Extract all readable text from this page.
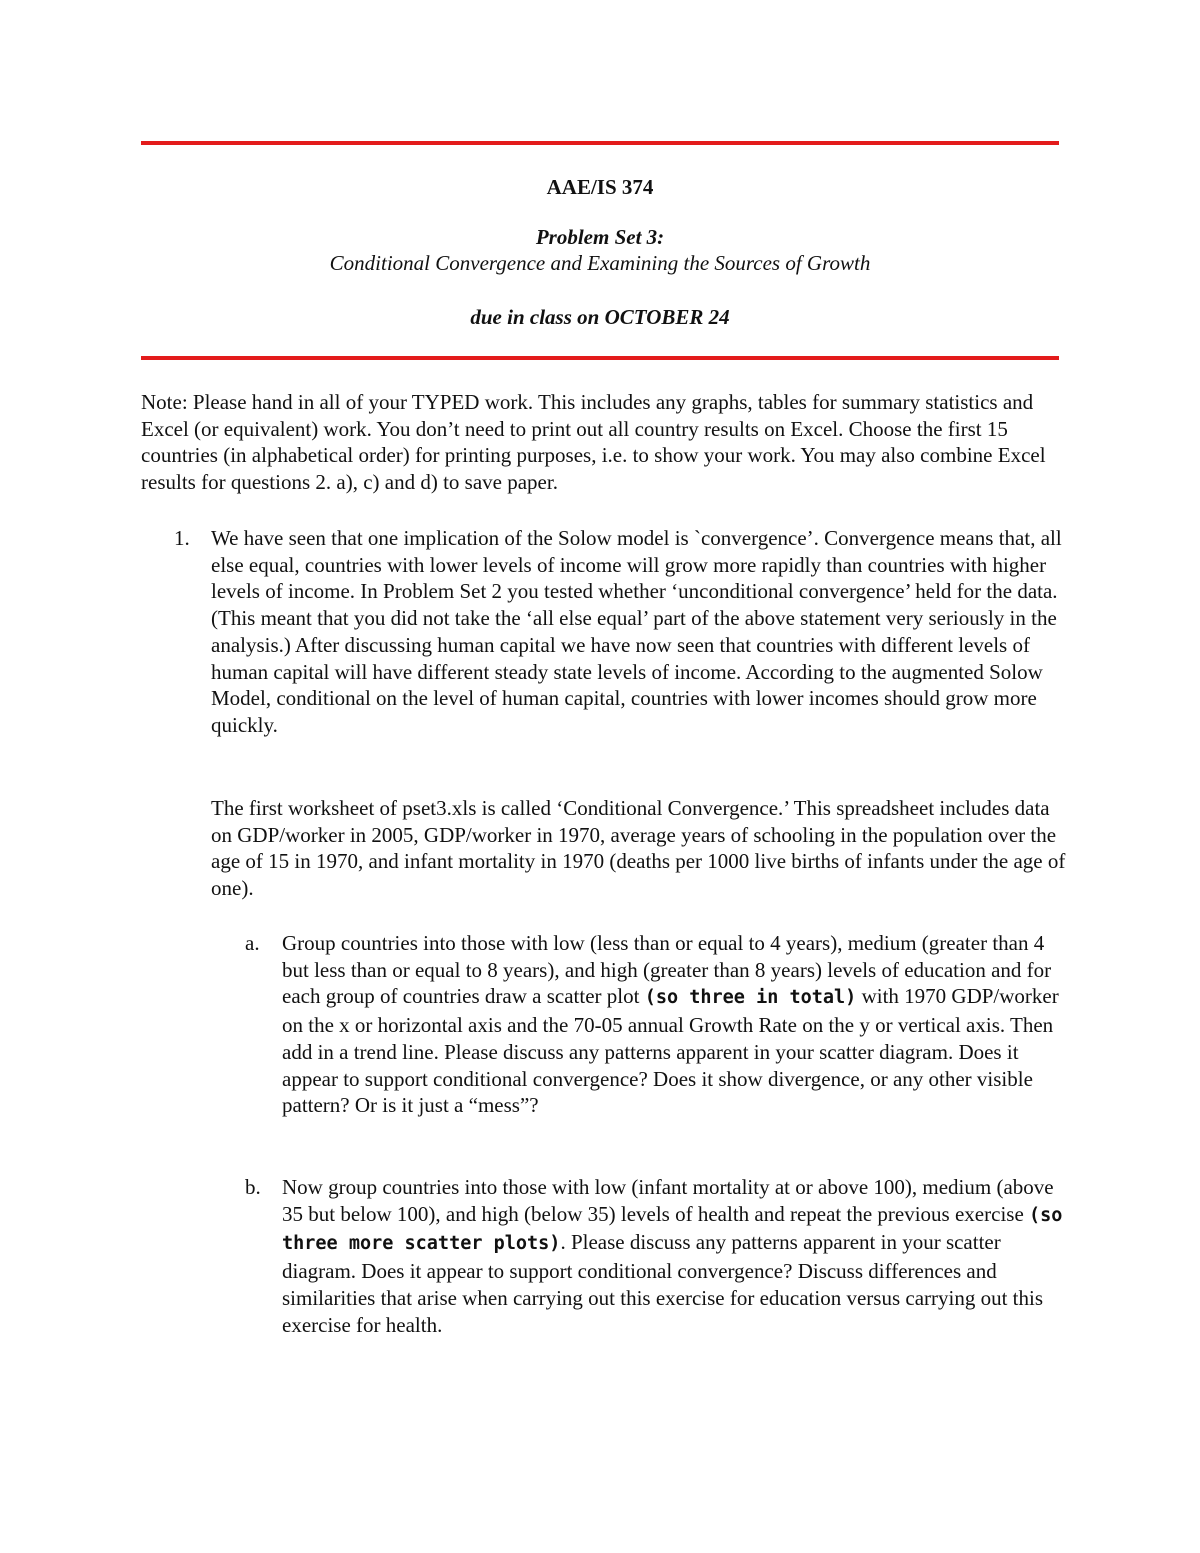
AAE/IS 374
Problem Set 3:
Conditional Convergence and Examining the Sources of Growth
due in class on OCTOBER 24

Note: Please hand in all of your TYPED work. This includes any graphs, tables for summary statistics and Excel (or equivalent) work. You don’t need to print out all country results on Excel. Choose the first 15 countries (in alphabetical order) for printing purposes, i.e. to show your work. You may also combine Excel results for questions 2. a), c) and d) to save paper.

1. We have seen that one implication of the Solow model is `convergence’. Convergence means that, all else equal, countries with lower levels of income will grow more rapidly than countries with higher levels of income. In Problem Set 2 you tested whether ‘unconditional convergence’ held for the data. (This meant that you did not take the ‘all else equal’ part of the above statement very seriously in the analysis.) After discussing human capital we have now seen that countries with different levels of human capital will have different steady state levels of income. According to the augmented Solow Model, conditional on the level of human capital, countries with lower incomes should grow more quickly.

The first worksheet of pset3.xls is called ‘Conditional Convergence.’ This spreadsheet includes data on GDP/worker in 2005, GDP/worker in 1970, average years of schooling in the population over the age of 15 in 1970, and infant mortality in 1970 (deaths per 1000 live births of infants under the age of one).

a. Group countries into those with low (less than or equal to 4 years), medium (greater than 4 but less than or equal to 8 years), and high (greater than 8 years) levels of education and for each group of countries draw a scatter plot (so three in total) with 1970 GDP/worker on the x or horizontal axis and the 70-05 annual Growth Rate on the y or vertical axis. Then add in a trend line. Please discuss any patterns apparent in your scatter diagram. Does it appear to support conditional convergence? Does it show divergence, or any other visible pattern? Or is it just a “mess”?

b. Now group countries into those with low (infant mortality at or above 100), medium (above 35 but below 100), and high (below 35) levels of health and repeat the previous exercise (so three more scatter plots). Please discuss any patterns apparent in your scatter diagram. Does it appear to support conditional convergence? Discuss differences and similarities that arise when carrying out this exercise for education versus carrying out this exercise for health.
